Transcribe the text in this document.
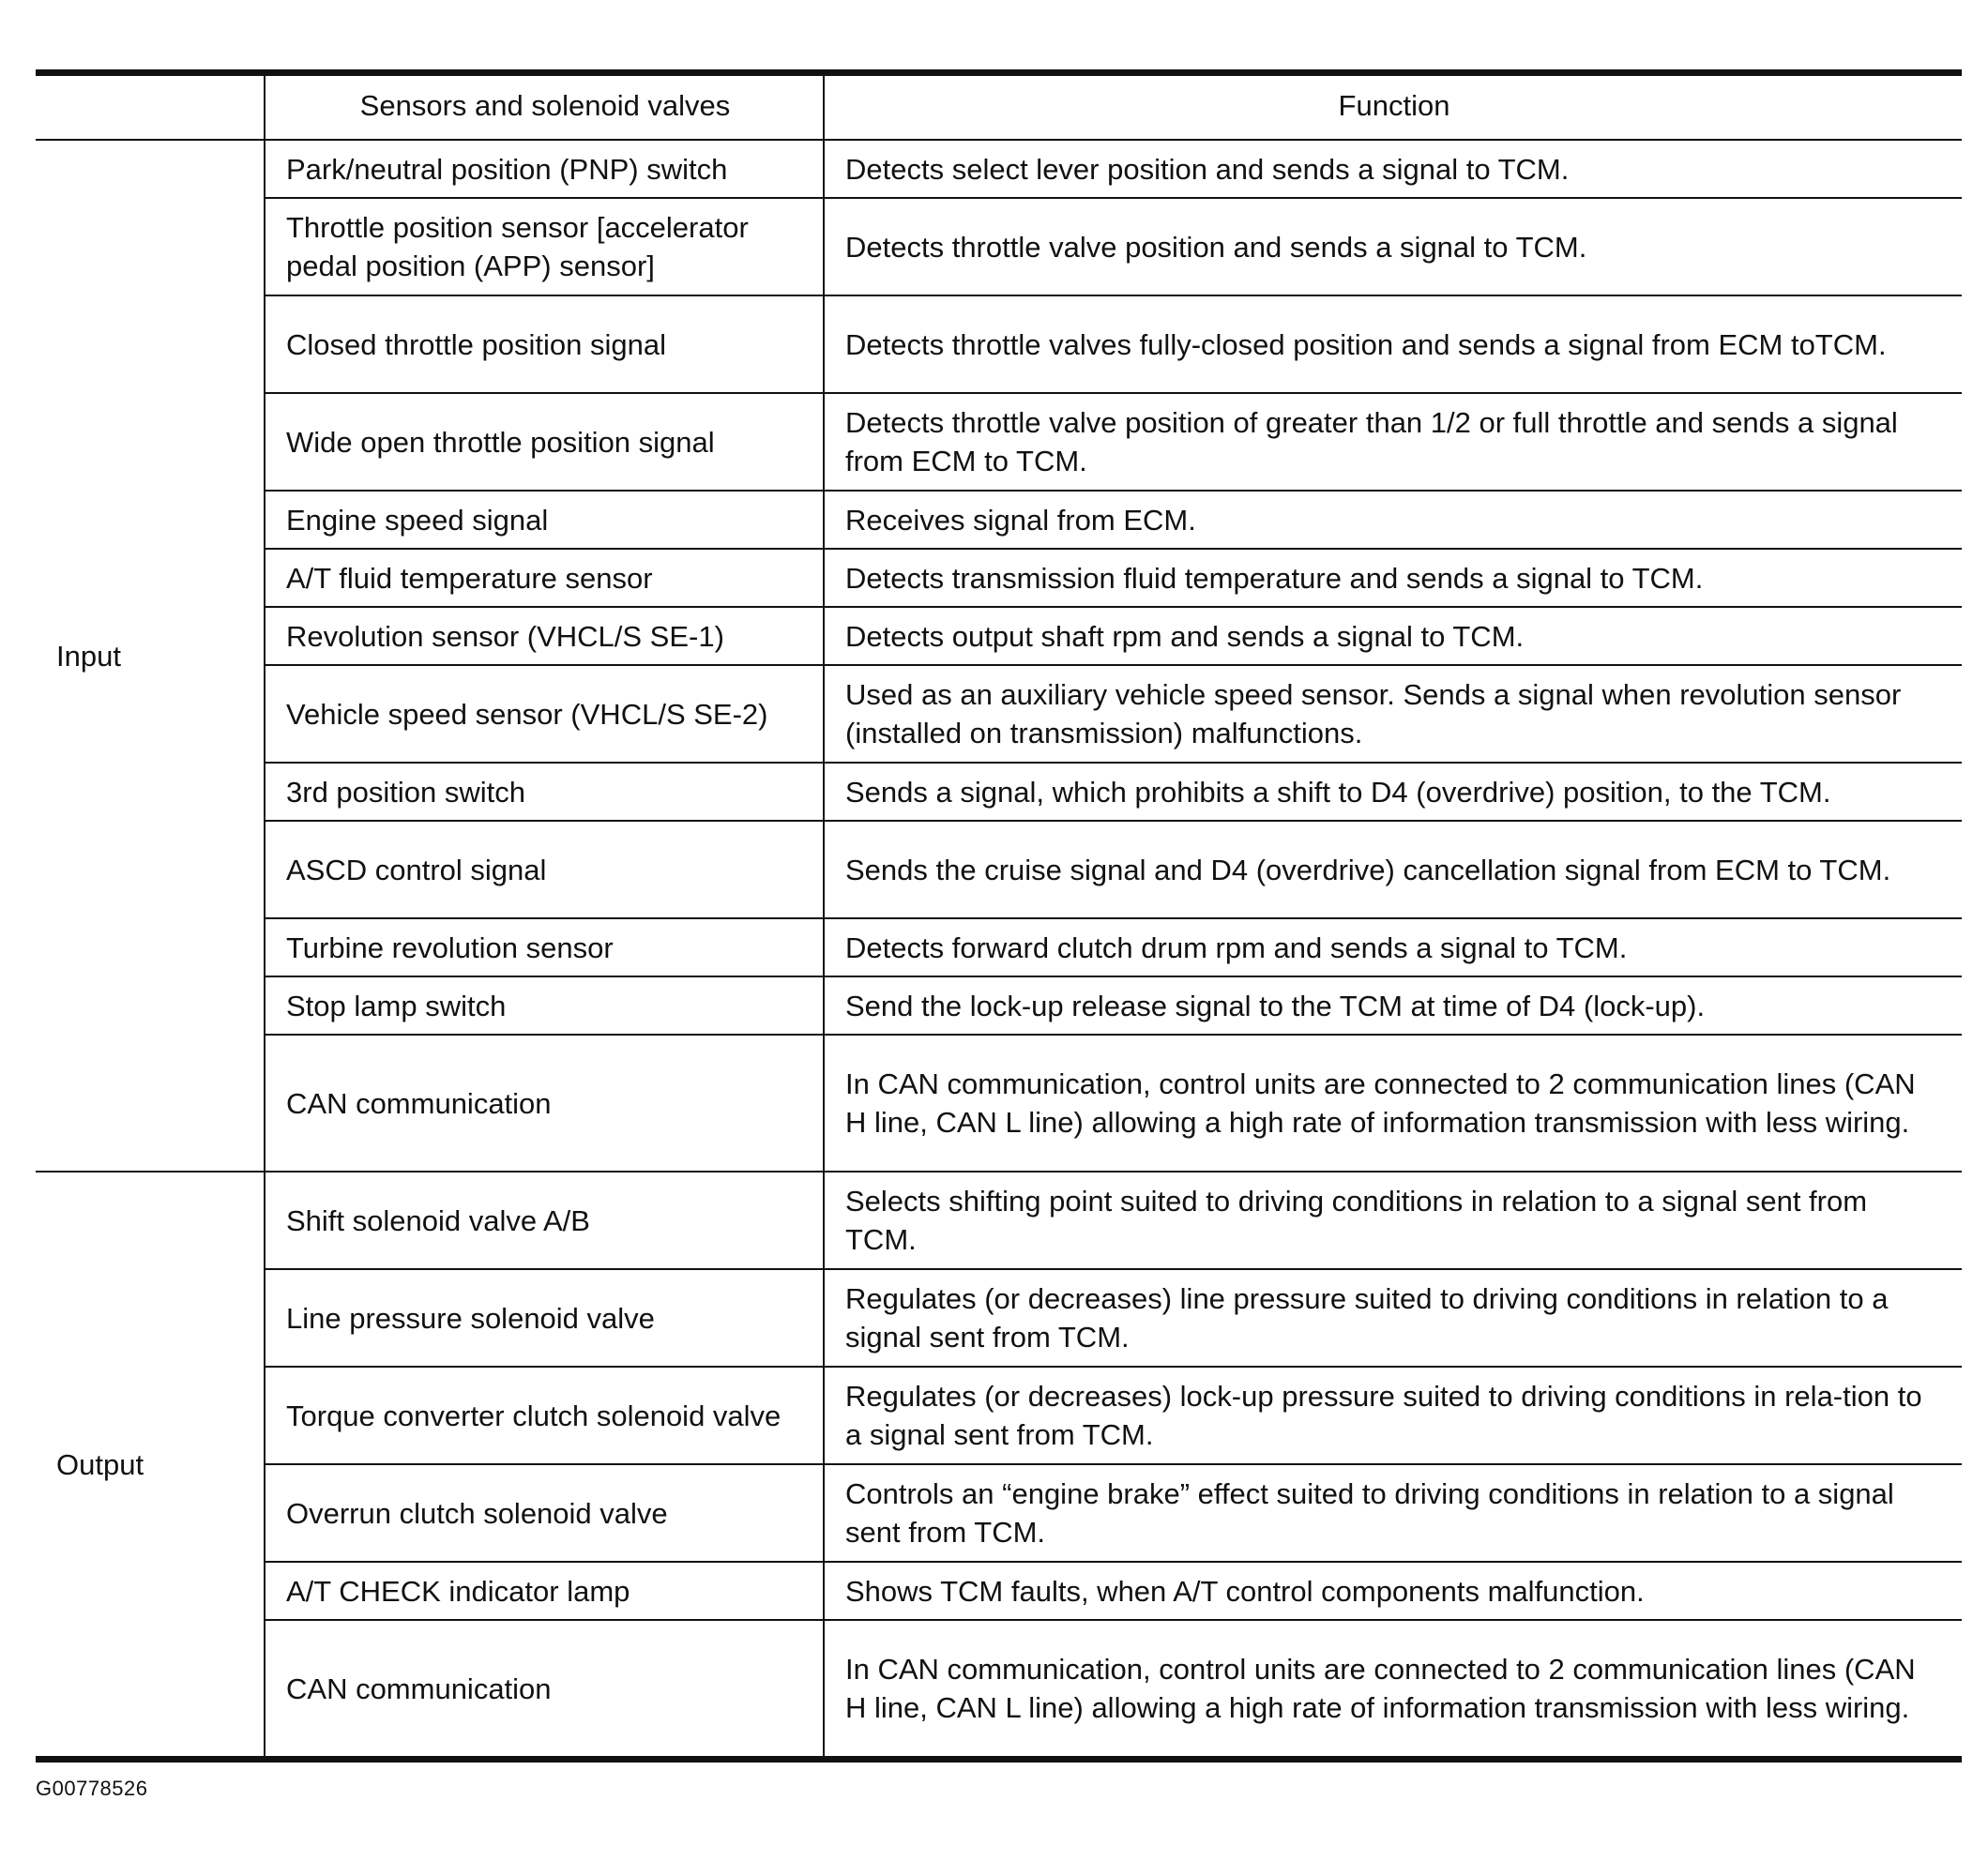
	Sensors and solenoid valves	Function
Input	Park/neutral position (PNP) switch	Detects select lever position and sends a signal to TCM.
	Throttle position sensor [accelerator pedal position (APP) sensor]	Detects throttle valve position and sends a signal to TCM.
	Closed throttle position signal	Detects throttle valves fully-closed position and sends a signal from ECM toTCM.
	Wide open throttle position signal	Detects throttle valve position of greater than 1/2 or full throttle and sends a signal from ECM to TCM.
	Engine speed signal	Receives signal from ECM.
	A/T fluid temperature sensor	Detects transmission fluid temperature and sends a signal to TCM.
	Revolution sensor (VHCL/S SE-1)	Detects output shaft rpm and sends a signal to TCM.
	Vehicle speed sensor (VHCL/S SE-2)	Used as an auxiliary vehicle speed sensor. Sends a signal when revolution sensor (installed on transmission) malfunctions.
	3rd position switch	Sends a signal, which prohibits a shift to D4 (overdrive) position, to the TCM.
	ASCD control signal	Sends the cruise signal and D4 (overdrive) cancellation signal from ECM to TCM.
	Turbine revolution sensor	Detects forward clutch drum rpm and sends a signal to TCM.
	Stop lamp switch	Send the lock-up release signal to the TCM at time of D4 (lock-up).
	CAN communication	In CAN communication, control units are connected to 2 communication lines (CAN H line, CAN L line) allowing a high rate of information transmission with less wiring.
Output	Shift solenoid valve A/B	Selects shifting point suited to driving conditions in relation to a signal sent from TCM.
	Line pressure solenoid valve	Regulates (or decreases) line pressure suited to driving conditions in relation to a signal sent from TCM.
	Torque converter clutch solenoid valve	Regulates (or decreases) lock-up pressure suited to driving conditions in rela-tion to a signal sent from TCM.
	Overrun clutch solenoid valve	Controls an “engine brake” effect suited to driving conditions in relation to a signal sent from TCM.
	A/T CHECK indicator lamp	Shows TCM faults, when A/T control components malfunction.
	CAN communication	In CAN communication, control units are connected to 2 communication lines (CAN H line, CAN L line) allowing a high rate of information transmission with less wiring.
G00778526
